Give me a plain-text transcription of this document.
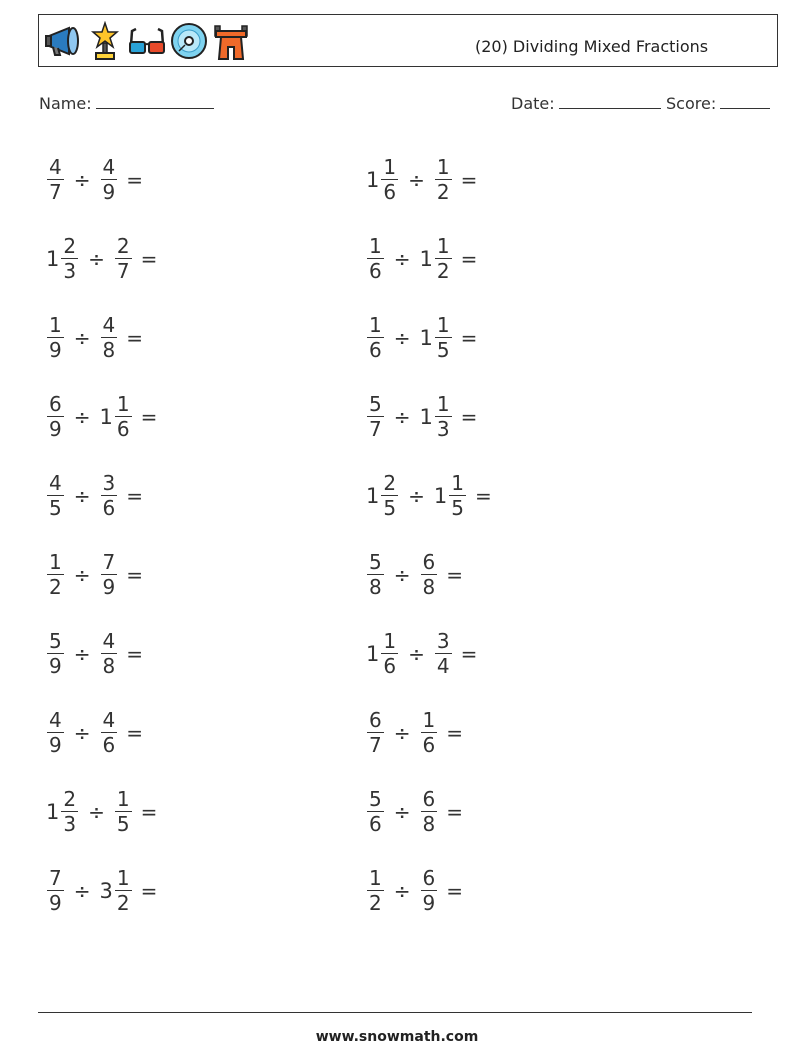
(20) Dividing Mixed Fractions
Name:	Date:	Score:
$\frac{4}{7} \div \frac{4}{9}$ =	$1 \frac{1}{6} \div \frac{1}{2}$ =
$1 \frac{2}{3} \div \frac{2}{7}$ =	$\frac{1}{6} \div 1 \frac{1}{2}$ =
$\frac{1}{9} \div \frac{4}{8}$ =	$\frac{1}{6} \div 1 \frac{1}{5}$ =
$\frac{6}{9} \div 1 \frac{1}{6}$ =	$\frac{5}{7} \div 1 \frac{1}{3}$ =
$\frac{4}{5} \div \frac{3}{6}$ =	$1 \frac{2}{5} \div 1 \frac{1}{5}$ =
$\frac{1}{2} \div \frac{7}{9}$ =	$\frac{5}{8} \div \frac{6}{8}$ =
$\frac{5}{9} \div \frac{4}{8}$ =	$1 \frac{1}{6} \div \frac{3}{4}$ =
$\frac{4}{9} \div \frac{4}{6}$ =	$\frac{6}{7} \div \frac{1}{6}$ =
$1 \frac{2}{3} \div \frac{1}{5}$ =	$\frac{5}{6} \div \frac{6}{8}$ =
$\frac{7}{9} \div 3 \frac{1}{2}$ =	$\frac{1}{2} \div \frac{6}{9}$ =
www.snowmath.com
